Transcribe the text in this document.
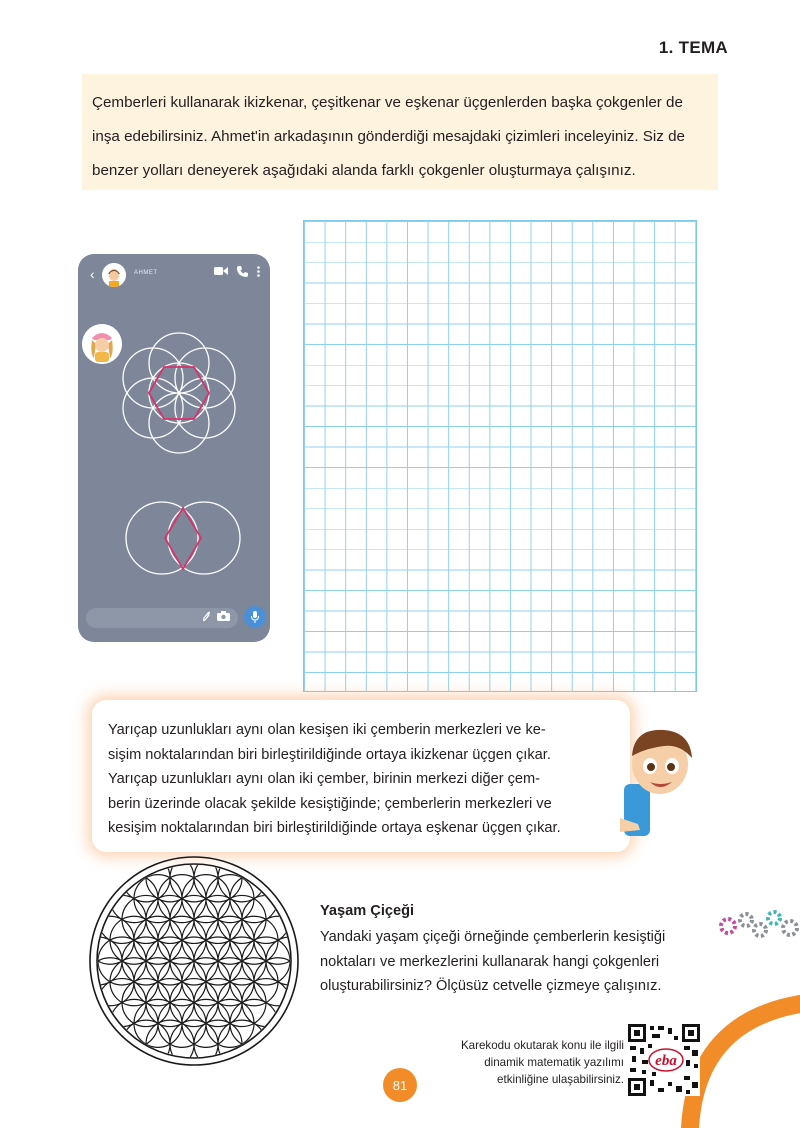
1. TEMA

Çemberleri kullanarak ikizkenar, çeşitkenar ve eşkenar üçgenlerden başka çokgenler de

inşa edebilirsiniz. Ahmet'in arkadaşının gönderdiği mesajdaki çizimleri inceleyiniz. Siz de

benzer yolları deneyerek aşağıdaki alanda farklı çokgenler oluşturmaya çalışınız.

‹	AHMET

Yarıçap uzunlukları aynı olan kesişen iki çemberin merkezleri ve ke-

sişim noktalarından biri birleştirildiğinde ortaya ikizkenar üçgen çıkar.

Yarıçap uzunlukları aynı olan iki çember, birinin merkezi diğer çem-

berin üzerinde olacak şekilde kesiştiğinde; çemberlerin merkezleri ve

kesişim noktalarından biri birleştirildiğinde ortaya eşkenar üçgen çıkar.

Yaşam Çiçeği

Yandaki yaşam çiçeği örneğinde çemberlerin kesiştiği

noktaları ve merkezlerini kullanarak hangi çokgenleri

oluşturabilirsiniz? Ölçüsüz cetvelle çizmeye çalışınız.

Karekodu okutarak konu ile ilgili
dinamik matematik yazılımı
etkinliğine ulaşabilirsiniz.
eba
81
